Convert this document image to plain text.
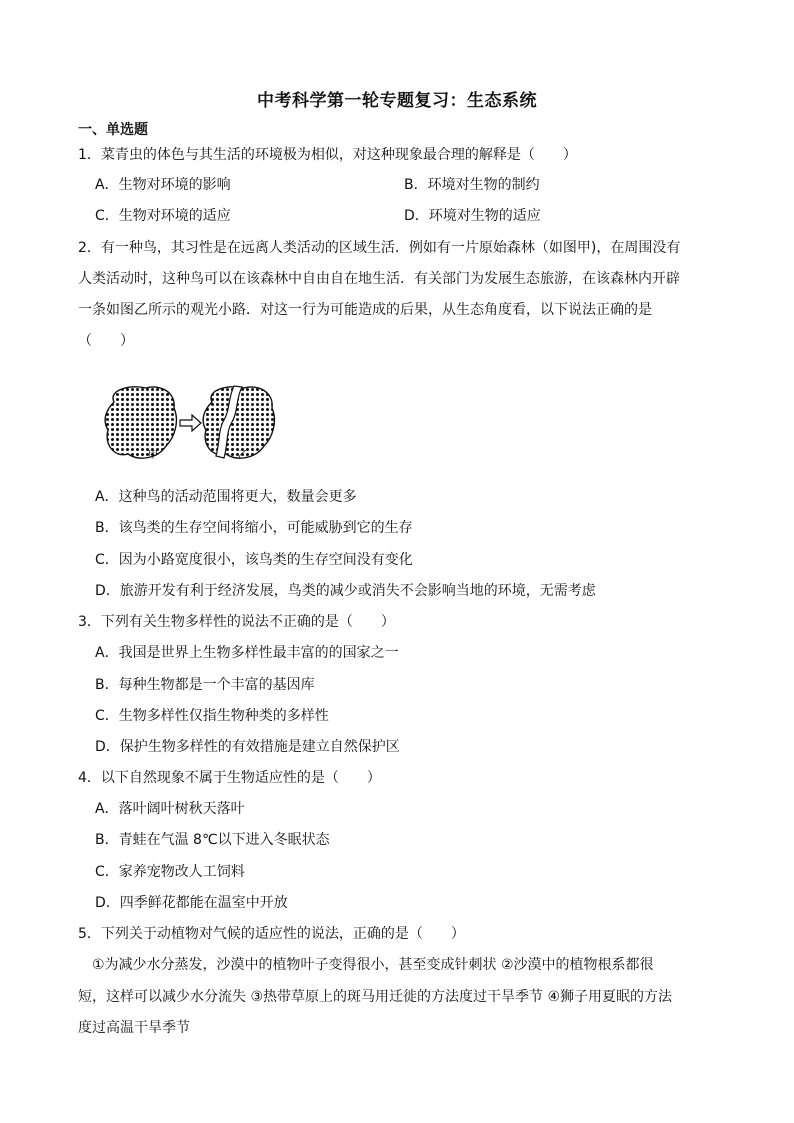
中考科学第一轮专题复习：生态系统
一、单选题
1．菜青虫的体色与其生活的环境极为相似，对这种现象最合理的解释是（　　）
A．生物对环境的影响	B．环境对生物的制约
C．生物对环境的适应	D．环境对生物的适应
2．有一种鸟，其习性是在远离人类活动的区域生活．例如有一片原始森林（如图甲)，在周围没有
人类活动时，这种鸟可以在该森林中自由自在地生活．有关部门为发展生态旅游，在该森林内开辟
一条如图乙所示的观光小路．对这一行为可能造成的后果，从生态角度看，以下说法正确的是
（　　）
甲	乙
A．这种鸟的活动范围将更大，数量会更多
B．该鸟类的生存空间将缩小，可能威胁到它的生存
C．因为小路宽度很小，该鸟类的生存空间没有变化
D．旅游开发有利于经济发展，鸟类的减少或消失不会影响当地的环境，无需考虑
3．下列有关生物多样性的说法不正确的是（　　）
A．我国是世界上生物多样性最丰富的的国家之一
B．每种生物都是一个丰富的基因库
C．生物多样性仅指生物种类的多样性
D．保护生物多样性的有效措施是建立自然保护区
4．以下自然现象不属于生物适应性的是（　　）
A．落叶阔叶树秋天落叶
B．青蛙在气温 8℃以下进入冬眠状态
C．家养宠物改人工饲料
D．四季鲜花都能在温室中开放
5．下列关于动植物对气候的适应性的说法，正确的是（　　）
①为减少水分蒸发，沙漠中的植物叶子变得很小，甚至变成针刺状 ②沙漠中的植物根系都很
短，这样可以减少水分流失 ③热带草原上的斑马用迁徙的方法度过干旱季节 ④狮子用夏眠的方法
度过高温干旱季节
